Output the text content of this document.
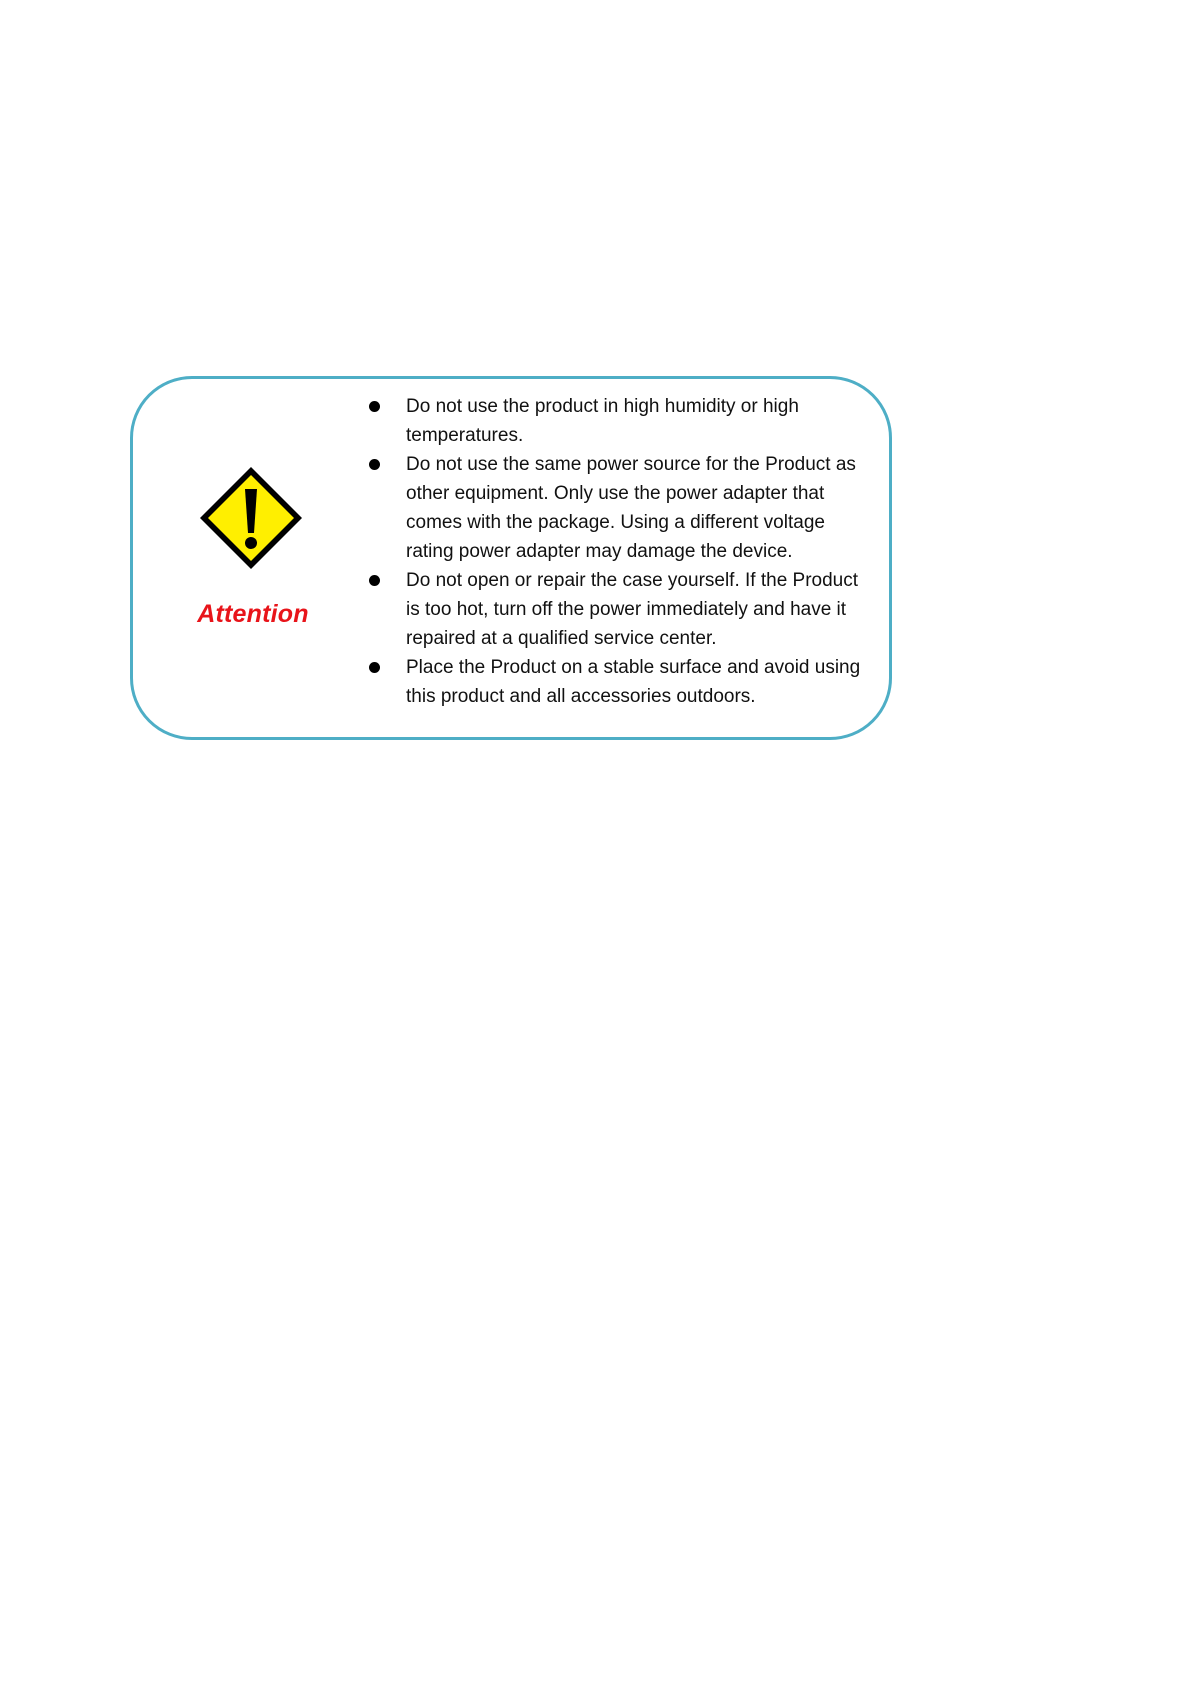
Attention
Do not use the product in high humidity or high temperatures.
Do not use the same power source for the Product as other equipment. Only use the power adapter that comes with the package. Using a different voltage rating power adapter may damage the device.
Do not open or repair the case yourself. If the Product is too hot, turn off the power immediately and have it repaired at a qualified service center.
Place the Product on a stable surface and avoid using this product and all accessories outdoors.
